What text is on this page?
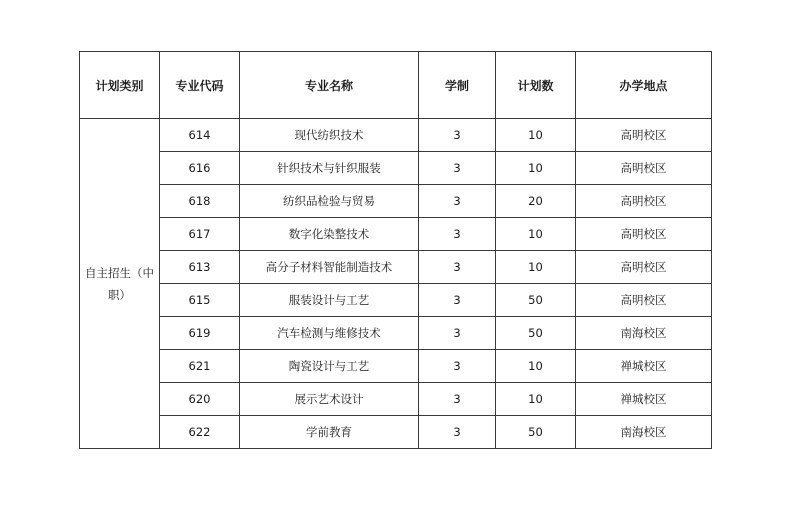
计划类别	专业代码	专业名称	学制	计划数	办学地点
自主招生（中职）	614	现代纺织技术	3	10	高明校区
	616	针织技术与针织服装	3	10	高明校区
	618	纺织品检验与贸易	3	20	高明校区
	617	数字化染整技术	3	10	高明校区
	613	高分子材料智能制造技术	3	10	高明校区
	615	服装设计与工艺	3	50	高明校区
	619	汽车检测与维修技术	3	50	南海校区
	621	陶瓷设计与工艺	3	10	禅城校区
	620	展示艺术设计	3	10	禅城校区
	622	学前教育	3	50	南海校区
